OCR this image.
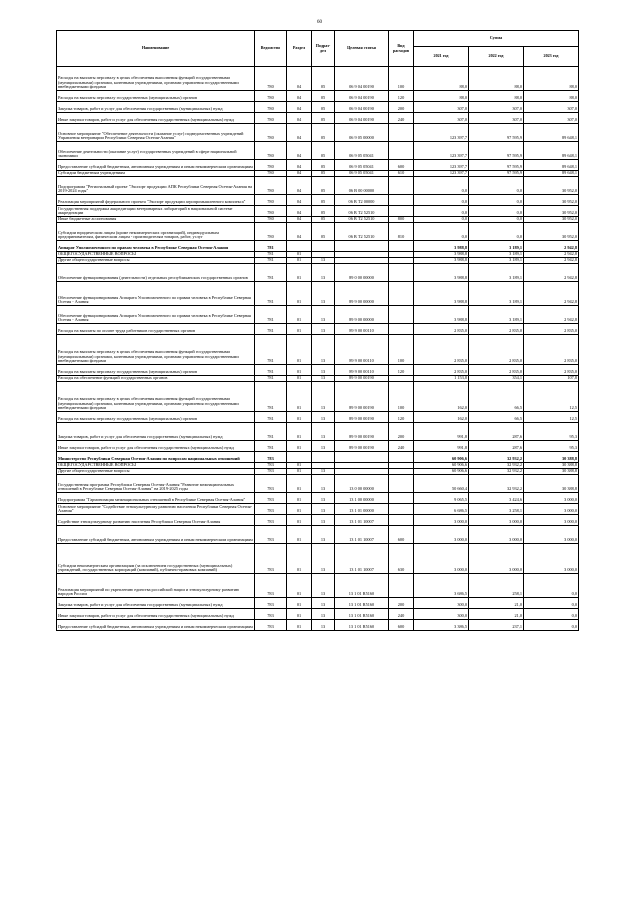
60
Наименование	Ведомство	Раздел	Подраз-дел	Целевая статья	Вид расходов	Сумма		
						2021 год	2022 год	2023 год
Расходы на выплаты персоналу в целях обеспечения выполнения функций государственными (муниципальными) органами, казенными учреждениями, органами управления государственными внебюджетными фондами	780	04	05	06 9 04 00190	100	88,0	88,0	88,0
Расходы на выплаты персоналу государственных (муниципальных) органов	780	04	05	06 9 04 00190	120	88,0	88,0	88,0
Закупка товаров, работ и услуг для обеспечения государственных (муниципальных) нужд	780	04	05	06 9 04 00190	200	307,0	307,0	307,0
Иные закупки товаров, работ и услуг для обеспечения государственных (муниципальных) нужд	780	04	05	06 9 04 00190	240	307,0	307,0	307,0
Основное мероприятие "Обеспечение деятельности (оказание услуг) подведомственных учреждений Управления ветеринарии Республики Северная Осетия-Алания"	780	04	05	06 9 05 00000		123 397,7	97 595,9	89 648,1
Обеспечение деятельности (оказание услуг) государственных учреждений в сфере национальной экономики	780	04	05	06 9 05 05041		123 397,7	97 595,9	89 648,1
Предоставление субсидий бюджетным, автономным учреждениям и иным некоммерческим организациям	780	04	05	06 9 05 05041	600	123 397,7	97 595,9	89 648,1
Субсидии бюджетным учреждениям	780	04	05	06 9 05 05041	610	123 397,7	97 595,9	89 648,1
Подпрограмма "Региональный проект "Экспорт продукции АПК Республики Северная Осетия-Алания на 2019-2024 годы"	780	04	05	06 В 00 00000		0,0	0,0	30 952,0
Реализация мероприятий федерального проекта "Экспорт продукции агропромышленного комплекса"	780	04	05	06 В Т2 00000		0,0	0,0	30 952,0
Государственная поддержка аккредитации ветеринарных лабораторий в национальной системе аккредитации	780	04	05	06 В Т2 52510		0,0	0,0	30 952,0
Иные бюджетные ассигнования	780	04	05	06 В Т2 52510	800	0,0	0,0	30 952,0
Субсидии юридическим лицам (кроме некоммерческих организаций), индивидуальным предпринимателям, физическим лицам - производителям товаров, работ, услуг	780	04	05	06 В Т2 52510	810	0,0	0,0	30 952,0
Аппарат Уполномоченного по правам человека в Республике Северная Осетия-Алания	781					3 988,8	3 189,1	2 942,8
ОБЩЕГОСУДАРСТВЕННЫЕ ВОПРОСЫ	781	01				3 988,8	3 189,1	2 942,8
Другие общегосударственные вопросы	781	01	13			3 988,8	3 189,1	2 942,8
Обеспечение функционирования (деятельности) отдельных республиканских государственных органов	781	01	13	89 0 00 00000		3 988,8	3 189,1	2 942,8
Обеспечение функционирования Аппарата Уполномоченного по правам человека в Республике Северная Осетия - Алания	781	01	13	89 9 00 00000		3 988,8	3 189,1	2 942,8
Обеспечение функционирования Аппарата Уполномоченного по правам человека в Республике Северная Осетия - Алания	781	01	13	89 9 00 00000		3 988,8	3 189,1	2 942,8
Расходы на выплаты по оплате труда работников государственных органов	781	01	13	89 9 00 00110		2 835,0	2 835,0	2 835,0
Расходы на выплаты персоналу в целях обеспечения выполнения функций государственными (муниципальными) органами, казенными учреждениями, органами управления государственными внебюджетными фондами	781	01	13	89 9 00 00110	100	2 835,0	2 835,0	2 835,0
Расходы на выплаты персоналу государственных (муниципальных) органов	781	01	13	89 9 00 00110	120	2 835,0	2 835,0	2 835,0
Расходы на обеспечение функций государственных органов	781	01	13	89 9 00 00190		1 153,8	354,1	107,8
Расходы на выплаты персоналу в целях обеспечения выполнения функций государственными (муниципальными) органами, казенными учреждениями, органами управления государственными внебюджетными фондами	781	01	13	89 9 00 00190	100	162,0	66,5	12,5
Расходы на выплаты персоналу государственных (муниципальных) органов	781	01	13	89 9 00 00190	120	162,0	66,5	12,5
Закупка товаров, работ и услуг для обеспечения государственных (муниципальных) нужд	781	01	13	89 9 00 00190	200	991,8	287,6	95,3
Иные закупки товаров, работ и услуг для обеспечения государственных (муниципальных) нужд	781	01	13	89 9 00 00190	240	991,8	287,6	95,3
Министерство Республики Северная Осетия-Алания по вопросам национальных отношений	783					60 906,6	32 932,2	30 388,8
ОБЩЕГОСУДАРСТВЕННЫЕ ВОПРОСЫ	783	01				60 906,6	32 932,2	30 388,8
Другие общегосударственные вопросы	783	01	13			60 906,6	32 932,2	30 388,8
Государственная программа Республики Северная Осетия-Алания "Развитие межнациональных отношений в Республике Северная Осетия-Алания" на 2019-2025 годы	783	01	13	13 0 00 00000		50 660,4	32 932,2	30 388,8
Подпрограмма "Гармонизация межнациональных отношений в Республике Северная Осетия-Алания"	783	01	13	13 1 00 00000		9 065,5	3 424,6	3 000,0
Основное мероприятие "Содействие этнокультурному развитию населения Республики Северная Осетия-Алания"	783	01	13	13 1 01 00000		6 686,5	3 258,1	3 000,0
Содействие этнокультурному развитию населения Республики Северная Осетия-Алания	783	01	13	13 1 01 10007		3 000,0	3 000,0	3 000,0
Предоставление субсидий бюджетным, автономным учреждениям и иным некоммерческим организациям	783	01	13	13 1 01 10007	600	3 000,0	3 000,0	3 000,0
Субсидии некоммерческим организациям (за исключением государственных (муниципальных) учреждений, государственных корпораций (компаний), публично-правовых компаний)	783	01	13	13 1 01 10007	630	3 000,0	3 000,0	3 000,0
Реализация мероприятий по укреплению единства российской нации и этнокультурному развитию народов России	783	01	13	13 1 01 R5160		3 686,5	258,1	0,0
Закупка товаров, работ и услуг для обеспечения государственных (муниципальных) нужд	783	01	13	13 1 01 R5160	200	300,0	21,0	0,0
Иные закупки товаров, работ и услуг для обеспечения государственных (муниципальных) нужд	783	01	13	13 1 01 R5160	240	300,0	21,0	0,0
Предоставление субсидий бюджетным, автономным учреждениям и иным некоммерческим организациям	783	01	13	13 1 01 R5160	600	3 386,5	237,1	0,0
